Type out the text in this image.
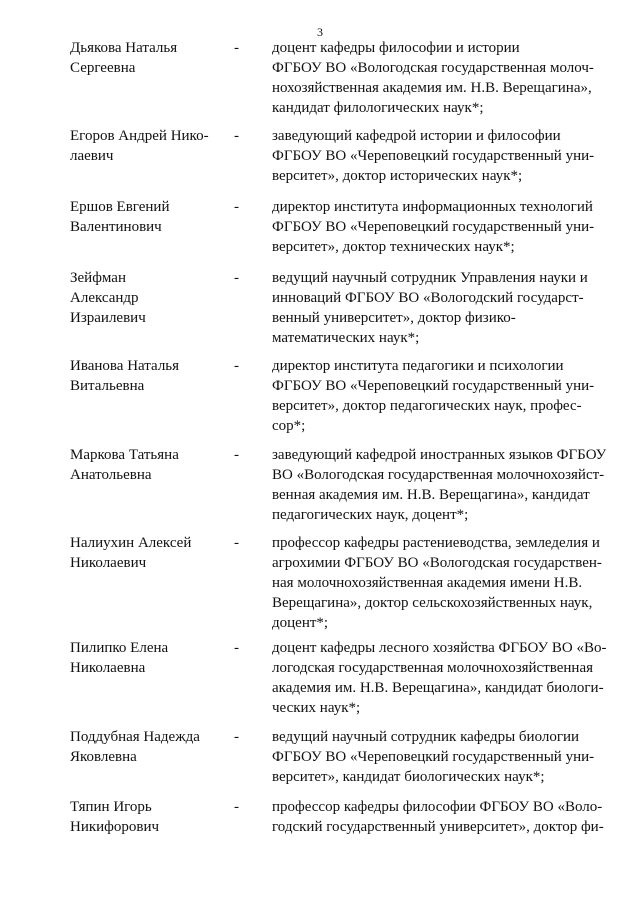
3
Дьякова Наталья
Сергеевна
-	доцент кафедры философии и истории
ФГБОУ ВО «Вологодская государственная молоч-
нохозяйственная академия им. Н.В. Верещагина»,
кандидат филологических наук*;
Егоров Андрей Нико-
лаевич
-	заведующий кафедрой истории и философии
ФГБОУ ВО «Череповецкий государственный уни-
верситет», доктор исторических наук*;
Ершов Евгений
Валентинович
-	директор института информационных технологий
ФГБОУ ВО «Череповецкий государственный уни-
верситет», доктор технических наук*;
Зейфман
Александр
Израилевич
-	ведущий научный сотрудник Управления науки и
инноваций ФГБОУ ВО «Вологодский государст-
венный университет», доктор физико-
математических наук*;
Иванова Наталья
Витальевна
-	директор института педагогики и психологии
ФГБОУ ВО «Череповецкий государственный уни-
верситет», доктор педагогических наук, профес-
сор*;
Маркова Татьяна
Анатольевна
-	заведующий кафедрой иностранных языков ФГБОУ
ВО «Вологодская государственная молочнохозяйст-
венная академия им. Н.В. Верещагина», кандидат
педагогических наук, доцент*;
Налиухин Алексей
Николаевич
-	профессор кафедры растениеводства, земледелия и
агрохимии ФГБОУ ВО «Вологодская государствен-
ная молочнохозяйственная академия имени Н.В.
Верещагина», доктор сельскохозяйственных наук,
доцент*;
Пилипко Елена
Николаевна
-	доцент кафедры лесного хозяйства ФГБОУ ВО «Во-
логодская государственная молочнохозяйственная
академия им. Н.В. Верещагина», кандидат биологи-
ческих наук*;
Поддубная Надежда
Яковлевна
-	ведущий научный сотрудник кафедры биологии
ФГБОУ ВО «Череповецкий государственный уни-
верситет», кандидат биологических наук*;
Тяпин Игорь
Никифорович
-	профессор кафедры философии ФГБОУ ВО «Воло-
годский государственный университет», доктор фи-
